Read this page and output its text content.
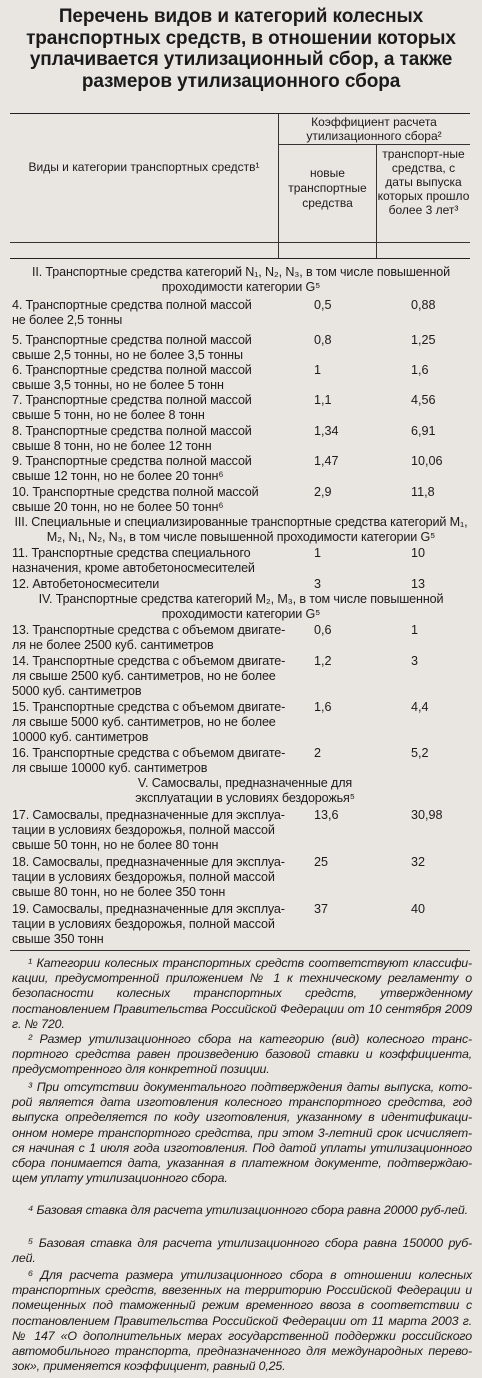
Перечень видов и категорий колесных транспортных средств, в отношении которых уплачивается утилизационный сбор, а также размеров утилизационного сбора
Виды и категории транспортных средств¹
Коэффициент расчета утилизационного сбора²
новые транспортные средства
транспорт-ные средства, с даты выпуска которых прошло более 3 лет³
II. Транспортные средства категорий N₁, N₂, N₃, в том числе повышенной проходимости категории G⁵
4. Транспортные средства полной массой
не более 2,5 тонны
0,5	0,88
5. Транспортные средства полной массой
свыше 2,5 тонны, но не более 3,5 тонны
0,8	1,25
6. Транспортные средства полной массой
свыше 3,5 тонны, но не более 5 тонн
1	1,6
7. Транспортные средства полной массой
свыше 5 тонн, но не более 8 тонн
1,1	4,56
8. Транспортные средства полной массой
свыше 8 тонн, но не более 12 тонн
1,34	6,91
9. Транспортные средства полной массой
свыше 12 тонн, но не более 20 тонн⁶
1,47	10,06
10. Транспортные средства полной массой
свыше 20 тонн, но не более 50 тонн⁶
2,9	11,8
III. Специальные и специализированные транспортные средства категорий M₁, M₂, N₁, N₂, N₃, в том числе повышенной проходимости категории G⁵
11. Транспортные средства специального
назначения, кроме автобетоносмесителей
1	10
12. Автобетоносмесители	3	13
IV. Транспортные средства категорий M₂, M₃, в том числе повышенной проходимости категории G⁵
13. Транспортные средства с объемом двигате-
ля не более 2500 куб. сантиметров
0,6	1
14. Транспортные средства с объемом двигате-
ля свыше 2500 куб. сантиметров, но не более
5000 куб. сантиметров
1,2	3
15. Транспортные средства с объемом двигате-
ля свыше 5000 куб. сантиметров, но не более
10000 куб. сантиметров
1,6	4,4
16. Транспортные средства с объемом двигате-
ля свыше 10000 куб. сантиметров
2	5,2
V. Самосвалы, предназначенные для эксплуатации в условиях бездорожья⁵
17. Самосвалы, предназначенные для эксплуа-
тации в условиях бездорожья, полной массой
свыше 50 тонн, но не более 80 тонн
13,6	30,98
18. Самосвалы, предназначенные для эксплуа-
тации в условиях бездорожья, полной массой
свыше 80 тонн, но не более 350 тонн
25	32
19. Самосвалы, предназначенные для эксплуа-
тации в условиях бездорожья, полной массой
свыше 350 тонн
37	40
¹ Категории колесных транспортных средств соответствуют классифи-кации, предусмотренной приложением № 1 к техническому регламенту о безопасности колесных транспортных средств, утвержденному постановлением Правительства Российской Федерации от 10 сентября 2009 г. № 720.
² Размер утилизационного сбора на категорию (вид) колесного транс-портного средства равен произведению базовой ставки и коэффициента, предусмотренного для конкретной позиции.
³ При отсутствии документального подтверждения даты выпуска, кото-рой является дата изготовления колесного транспортного средства, год выпуска определяется по коду изготовления, указанному в идентификаци-онном номере транспортного средства, при этом 3-летний срок исчисляет-ся начиная с 1 июля года изготовления. Под датой уплаты утилизационного сбора понимается дата, указанная в платежном документе, подтверждаю-щем уплату утилизационного сбора.
⁴ Базовая ставка для расчета утилизационного сбора равна 20000 руб-лей.
⁵ Базовая ставка для расчета утилизационного сбора равна 150000 руб-лей.
⁶ Для расчета размера утилизационного сбора в отношении колесных транспортных средств, ввезенных на территорию Российской Федерации и помещенных под таможенный режим временного ввоза в соответствии с постановлением Правительства Российской Федерации от 11 марта 2003 г. № 147 «О дополнительных мерах государственной поддержки российского автомобильного транспорта, предназначенного для международных перево-зок», применяется коэффициент, равный 0,25.
